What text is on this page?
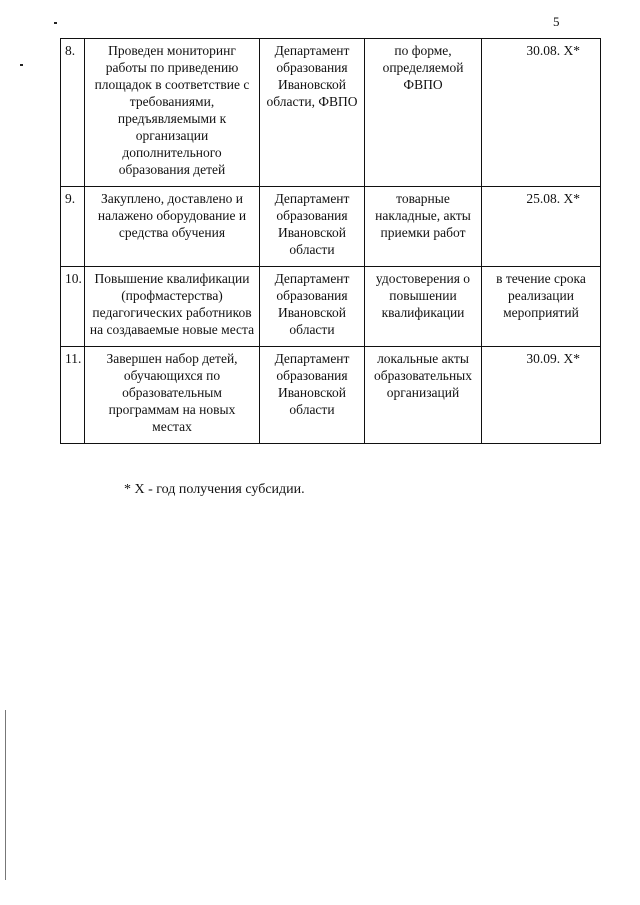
5
8.	Проведен мониторинг работы по приведению площадок в соответствие с требованиями, предъявляемыми к организации дополнительного образования детей	Департамент образования Ивановской области, ФВПО	по форме, определяемой ФВПО	30.08. X*
9.	Закуплено, доставлено и налажено оборудование и средства обучения	Департамент образования Ивановской области	товарные накладные, акты приемки работ	25.08. X*
10.	Повышение квалификации (профмастерства) педагогических работников на создаваемые новые места	Департамент образования Ивановской области	удостоверения о повышении квалификации	в течение срока реализации мероприятий
11.	Завершен набор детей, обучающихся по образовательным программам на новых местах	Департамент образования Ивановской области	локальные акты образовательных организаций	30.09. X*
* X - год получения субсидии.
